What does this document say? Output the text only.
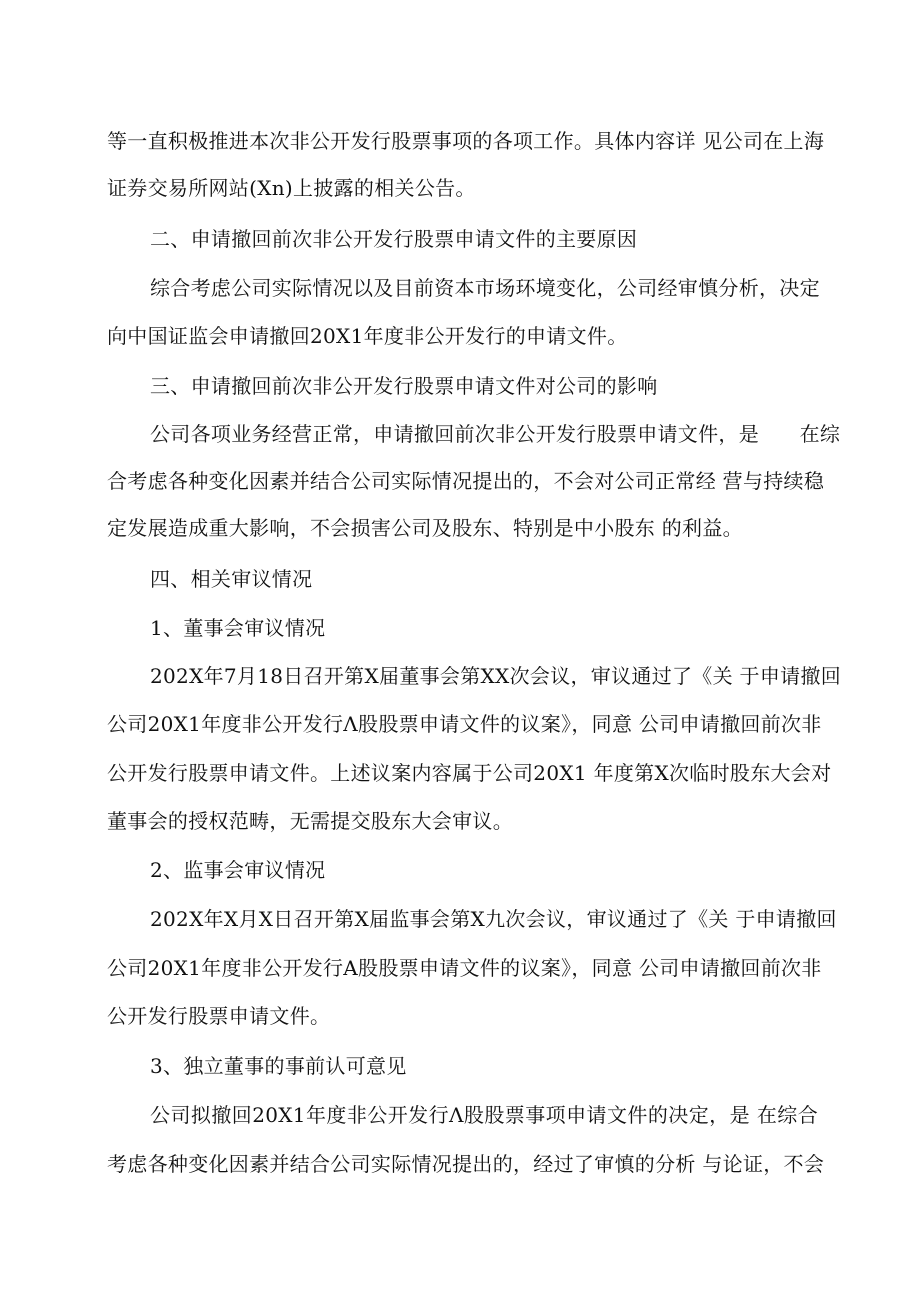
等一直积极推进本次非公开发行股票事项的各项工作。具体内容详 见公司在上海
证券交易所网站(Xn)上披露的相关公告。
二、申请撤回前次非公开发行股票申请文件的主要原因
综合考虑公司实际情况以及目前资本市场环境变化，公司经审慎分析，决定
向中国证监会申请撤回20X1年度非公开发行的申请文件。
三、申请撤回前次非公开发行股票申请文件对公司的影响
公司各项业务经营正常，申请撤回前次非公开发行股票申请文件，是　　在综
合考虑各种变化因素并结合公司实际情况提出的，不会对公司正常经 营与持续稳
定发展造成重大影响，不会损害公司及股东、特别是中小股东 的利益。
四、相关审议情况
1、董事会审议情况
202X年7月18日召开第X届董事会第XX次会议，审议通过了《关 于申请撤回
公司20X1年度非公开发行Λ股股票申请文件的议案》，同意 公司申请撤回前次非
公开发行股票申请文件。上述议案内容属于公司20X1 年度第X次临时股东大会对
董事会的授权范畴，无需提交股东大会审议。
2、监事会审议情况
202X年X月X日召开第X届监事会第X九次会议，审议通过了《关 于申请撤回
公司20X1年度非公开发行A股股票申请文件的议案》，同意 公司申请撤回前次非
公开发行股票申请文件。
3、独立董事的事前认可意见
公司拟撤回20X1年度非公开发行Λ股股票事项申请文件的决定，是 在综合
考虑各种变化因素并结合公司实际情况提出的，经过了审慎的分析 与论证，不会
